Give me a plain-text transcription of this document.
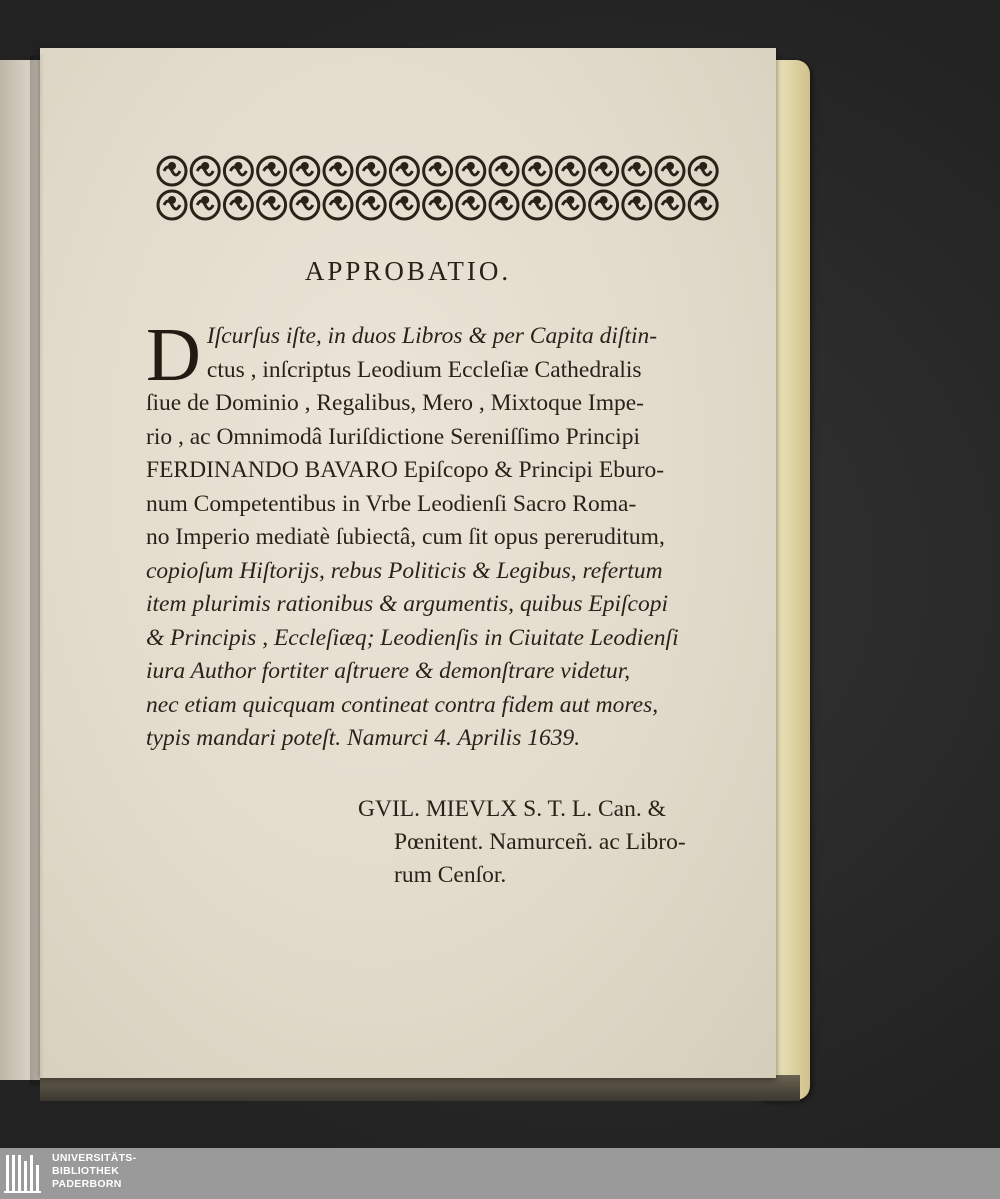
APPROBATIO.
D Iſcurſus iſte, in duos Libros & per Capita diſtin-
ctus , inſcriptus Leodium Eccleſiæ Cathedralis
ſiue de Dominio , Regalibus, Mero , Mixtoque Impe-
rio , ac Omnimodâ Iuriſdictione Sereniſſimo Principi
FERDINANDO BAVARO Epiſcopo & Principi Eburo-
num Competentibus in Vrbe Leodienſi Sacro Roma-
no Imperio mediatè ſubiectâ, cum ſit opus pereruditum,
copioſum Hiſtorijs, rebus Politicis & Legibus, refertum
item plurimis rationibus & argumentis, quibus Epiſcopi
& Principis , Eccleſiæq; Leodienſis in Ciuitate Leodienſi
iura Author fortiter aſtruere & demonſtrare videtur,
nec etiam quicquam contineat contra fidem aut mores,
typis mandari poteſt. Namurci 4. Aprilis 1639.
GVIL. MIEVLX S. T. L. Can. &

Pœnitent. Namurceñ. ac Libro-
rum Cenſor.
UNIVERSITÄTS-
BIBLIOTHEK
PADERBORN
